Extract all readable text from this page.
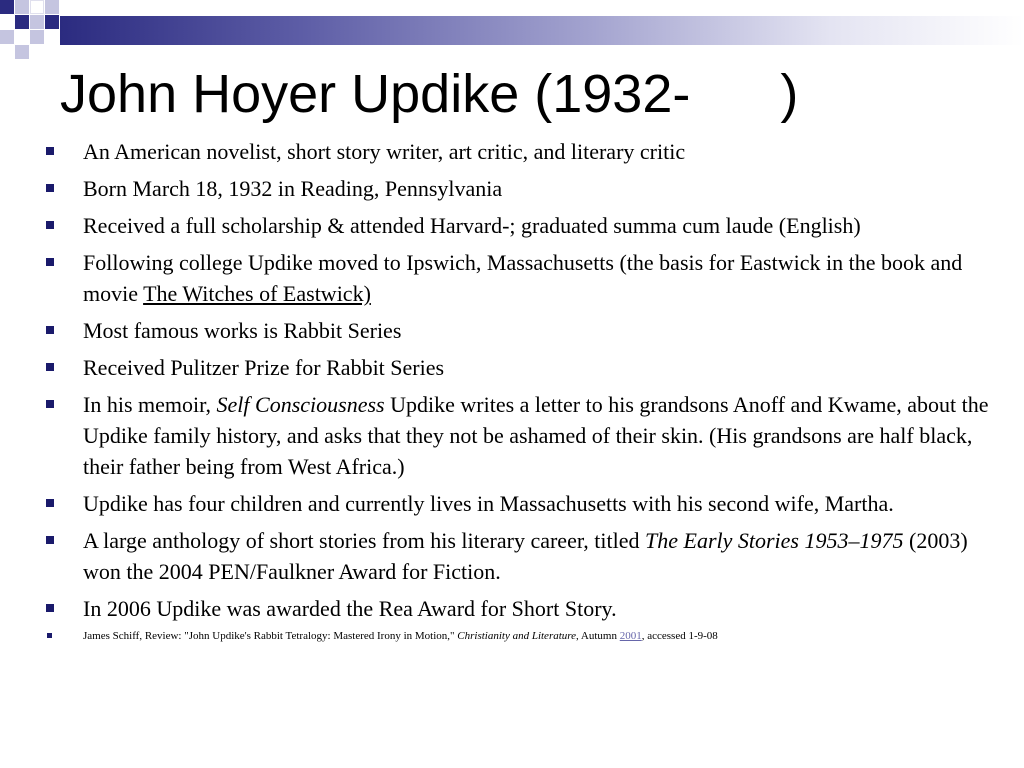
John Hoyer Updike (1932-      )
An American novelist, short story writer, art critic, and literary critic
Born March 18, 1932 in Reading, Pennsylvania
Received a full scholarship & attended Harvard-; graduated summa cum laude (English)
Following college Updike moved to Ipswich, Massachusetts (the basis for Eastwick in the book and movie The Witches of Eastwick)
Most famous works is Rabbit Series
Received Pulitzer Prize for Rabbit Series
In his memoir, Self Consciousness Updike writes a letter to his grandsons Anoff and Kwame, about the Updike family history, and asks that they not be ashamed of their skin. (His grandsons are half black, their father being from West Africa.)
Updike has four children and currently lives in Massachusetts with his second wife, Martha.
A large anthology of short stories from his literary career, titled The Early Stories 1953–1975 (2003) won the 2004 PEN/Faulkner Award for Fiction.
In 2006 Updike was awarded the Rea Award for Short Story.
James Schiff, Review: "John Updike's Rabbit Tetralogy: Mastered Irony in Motion," Christianity and Literature, Autumn 2001, accessed 1-9-08
